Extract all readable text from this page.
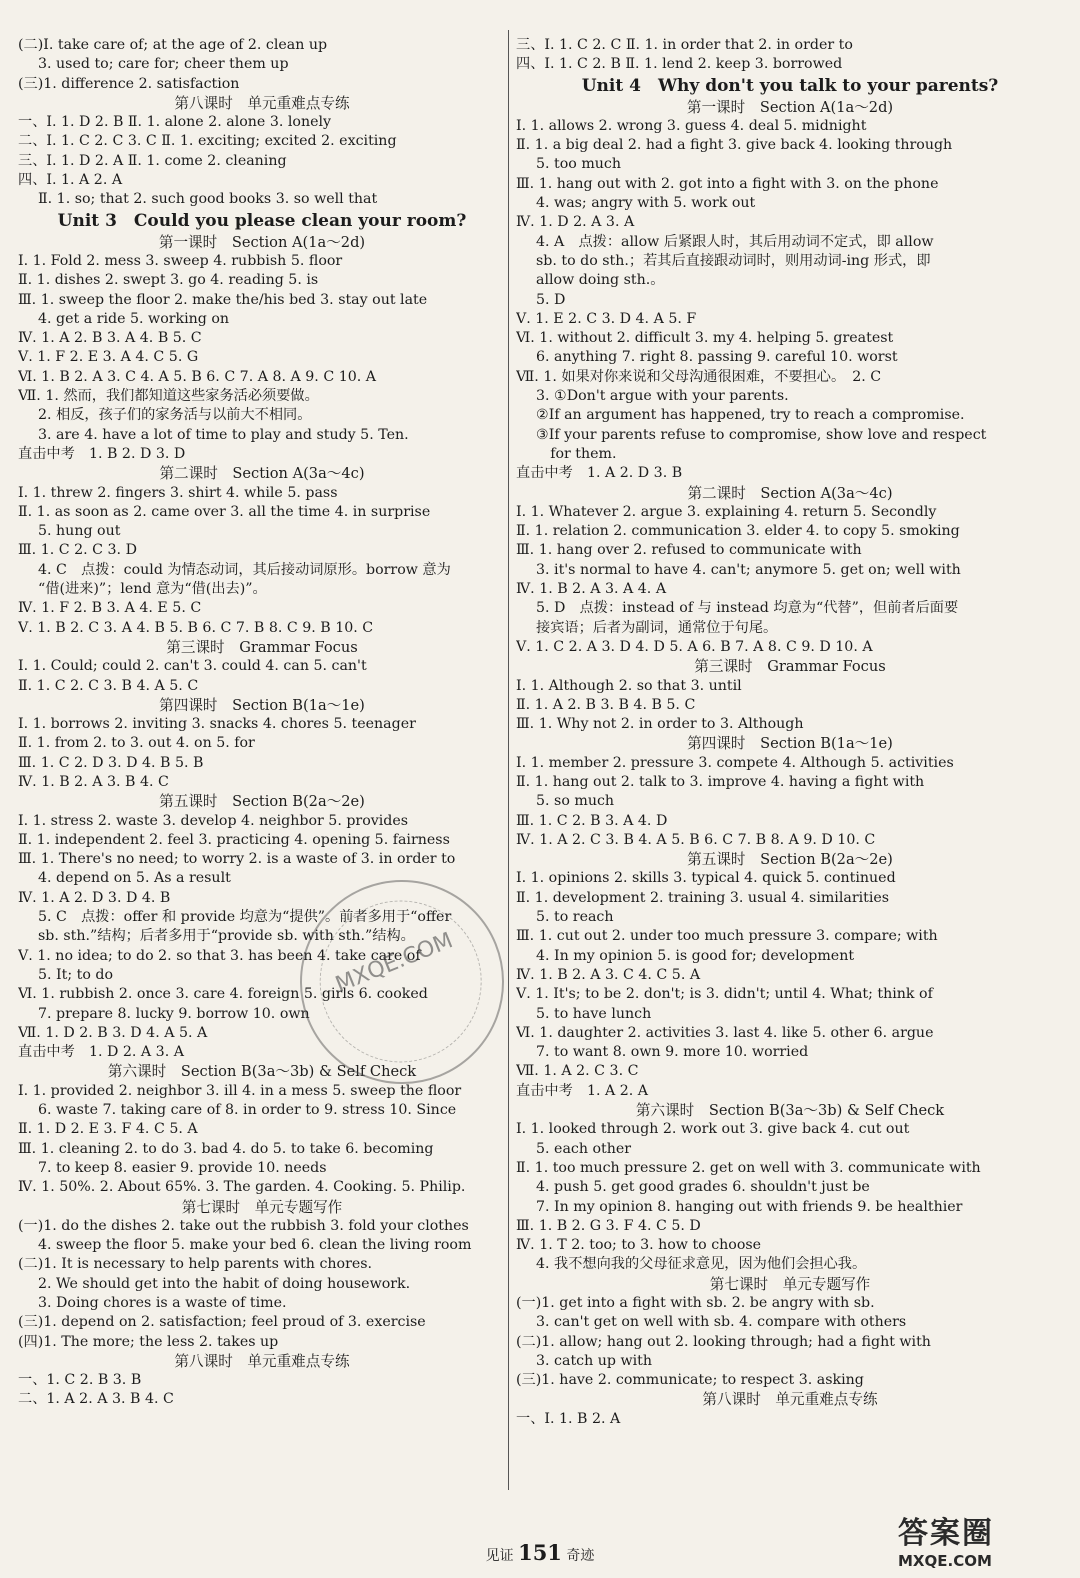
(二)Ⅰ. take care of; at the age of 2. clean up
3. used to; care for; cheer them up
(三)1. difference 2. satisfaction
第八课时　单元重难点专练
一、Ⅰ. 1. D 2. B Ⅱ. 1. alone 2. alone 3. lonely
二、Ⅰ. 1. C 2. C 3. C Ⅱ. 1. exciting; excited 2. exciting
三、Ⅰ. 1. D 2. A Ⅱ. 1. come 2. cleaning
四、Ⅰ. 1. A 2. A
Ⅱ. 1. so; that 2. such good books 3. so well that
Unit 3　Could you please clean your room?
第一课时　Section A(1a～2d)
Ⅰ. 1. Fold 2. mess 3. sweep 4. rubbish 5. floor
Ⅱ. 1. dishes 2. swept 3. go 4. reading 5. is
Ⅲ. 1. sweep the floor 2. make the/his bed 3. stay out late
4. get a ride 5. working on
Ⅳ. 1. A 2. B 3. A 4. B 5. C
Ⅴ. 1. F 2. E 3. A 4. C 5. G
Ⅵ. 1. B 2. A 3. C 4. A 5. B 6. C 7. A 8. A 9. C 10. A
Ⅶ. 1. 然而，我们都知道这些家务活必须要做。
2. 相反，孩子们的家务活与以前大不相同。
3. are 4. have a lot of time to play and study 5. Ten.
直击中考　1. B 2. D 3. D
第二课时　Section A(3a～4c)
Ⅰ. 1. threw 2. fingers 3. shirt 4. while 5. pass
Ⅱ. 1. as soon as 2. came over 3. all the time 4. in surprise
5. hung out
Ⅲ. 1. C 2. C 3. D
4. C　点拨：could 为情态动词，其后接动词原形。borrow 意为
“借(进来)”；lend 意为“借(出去)”。
Ⅳ. 1. F 2. B 3. A 4. E 5. C
Ⅴ. 1. B 2. C 3. A 4. B 5. B 6. C 7. B 8. C 9. B 10. C
第三课时　Grammar Focus
Ⅰ. 1. Could; could 2. can't 3. could 4. can 5. can't
Ⅱ. 1. C 2. C 3. B 4. A 5. C
第四课时　Section B(1a～1e)
Ⅰ. 1. borrows 2. inviting 3. snacks 4. chores 5. teenager
Ⅱ. 1. from 2. to 3. out 4. on 5. for
Ⅲ. 1. C 2. D 3. D 4. B 5. B
Ⅳ. 1. B 2. A 3. B 4. C
第五课时　Section B(2a～2e)
Ⅰ. 1. stress 2. waste 3. develop 4. neighbor 5. provides
Ⅱ. 1. independent 2. feel 3. practicing 4. opening 5. fairness
Ⅲ. 1. There's no need; to worry 2. is a waste of 3. in order to
4. depend on 5. As a result
Ⅳ. 1. A 2. D 3. D 4. B
5. C　点拨：offer 和 provide 均意为“提供”。前者多用于“offer
sb. sth.”结构；后者多用于“provide sb. with sth.”结构。
Ⅴ. 1. no idea; to do 2. so that 3. has been 4. take care of
5. It; to do
Ⅵ. 1. rubbish 2. once 3. care 4. foreign 5. girls 6. cooked
7. prepare 8. lucky 9. borrow 10. own
Ⅶ. 1. D 2. B 3. D 4. A 5. A
直击中考　1. D 2. A 3. A
第六课时　Section B(3a～3b) & Self Check
Ⅰ. 1. provided 2. neighbor 3. ill 4. in a mess 5. sweep the floor
6. waste 7. taking care of 8. in order to 9. stress 10. Since
Ⅱ. 1. D 2. E 3. F 4. C 5. A
Ⅲ. 1. cleaning 2. to do 3. bad 4. do 5. to take 6. becoming
7. to keep 8. easier 9. provide 10. needs
Ⅳ. 1. 50%. 2. About 65%. 3. The garden. 4. Cooking. 5. Philip.
第七课时　单元专题写作
(一)1. do the dishes 2. take out the rubbish 3. fold your clothes
4. sweep the floor 5. make your bed 6. clean the living room
(二)1. It is necessary to help parents with chores.
2. We should get into the habit of doing housework.
3. Doing chores is a waste of time.
(三)1. depend on 2. satisfaction; feel proud of 3. exercise
(四)1. The more; the less 2. takes up
第八课时　单元重难点专练
一、1. C 2. B 3. B
二、1. A 2. A 3. B 4. C
三、Ⅰ. 1. C 2. C Ⅱ. 1. in order that 2. in order to
四、Ⅰ. 1. C 2. B Ⅱ. 1. lend 2. keep 3. borrowed
Unit 4　Why don't you talk to your parents?
第一课时　Section A(1a～2d)
Ⅰ. 1. allows 2. wrong 3. guess 4. deal 5. midnight
Ⅱ. 1. a big deal 2. had a fight 3. give back 4. looking through
5. too much
Ⅲ. 1. hang out with 2. got into a fight with 3. on the phone
4. was; angry with 5. work out
Ⅳ. 1. D 2. A 3. A
4. A　点拨：allow 后紧跟人时，其后用动词不定式，即 allow
sb. to do sth.；若其后直接跟动词时，则用动词-ing 形式，即
allow doing sth.。
5. D
Ⅴ. 1. E 2. C 3. D 4. A 5. F
Ⅵ. 1. without 2. difficult 3. my 4. helping 5. greatest
6. anything 7. right 8. passing 9. careful 10. worst
Ⅶ. 1. 如果对你来说和父母沟通很困难，不要担心。　2. C
3. ①Don't argue with your parents.
②If an argument has happened, try to reach a compromise.
③If your parents refuse to compromise, show love and respect
　for them.
直击中考　1. A 2. D 3. B
第二课时　Section A(3a～4c)
Ⅰ. 1. Whatever 2. argue 3. explaining 4. return 5. Secondly
Ⅱ. 1. relation 2. communication 3. elder 4. to copy 5. smoking
Ⅲ. 1. hang over 2. refused to communicate with
3. it's normal to have 4. can't; anymore 5. get on; well with
Ⅳ. 1. B 2. A 3. A 4. A
5. D　点拨：instead of 与 instead 均意为“代替”，但前者后面要
接宾语；后者为副词，通常位于句尾。
Ⅴ. 1. C 2. A 3. D 4. D 5. A 6. B 7. A 8. C 9. D 10. A
第三课时　Grammar Focus
Ⅰ. 1. Although 2. so that 3. until
Ⅱ. 1. A 2. B 3. B 4. B 5. C
Ⅲ. 1. Why not 2. in order to 3. Although
第四课时　Section B(1a～1e)
Ⅰ. 1. member 2. pressure 3. compete 4. Although 5. activities
Ⅱ. 1. hang out 2. talk to 3. improve 4. having a fight with
5. so much
Ⅲ. 1. C 2. B 3. A 4. D
Ⅳ. 1. A 2. C 3. B 4. A 5. B 6. C 7. B 8. A 9. D 10. C
第五课时　Section B(2a～2e)
Ⅰ. 1. opinions 2. skills 3. typical 4. quick 5. continued
Ⅱ. 1. development 2. training 3. usual 4. similarities
5. to reach
Ⅲ. 1. cut out 2. under too much pressure 3. compare; with
4. In my opinion 5. is good for; development
Ⅳ. 1. B 2. A 3. C 4. C 5. A
Ⅴ. 1. It's; to be 2. don't; is 3. didn't; until 4. What; think of
5. to have lunch
Ⅵ. 1. daughter 2. activities 3. last 4. like 5. other 6. argue
7. to want 8. own 9. more 10. worried
Ⅶ. 1. A 2. C 3. C
直击中考　1. A 2. A
第六课时　Section B(3a～3b) & Self Check
Ⅰ. 1. looked through 2. work out 3. give back 4. cut out
5. each other
Ⅱ. 1. too much pressure 2. get on well with 3. communicate with
4. push 5. get good grades 6. shouldn't just be
7. In my opinion 8. hanging out with friends 9. be healthier
Ⅲ. 1. B 2. G 3. F 4. C 5. D
Ⅳ. 1. T 2. too; to 3. how to choose
4. 我不想向我的父母征求意见，因为他们会担心我。
第七课时　单元专题写作
(一)1. get into a fight with sb. 2. be angry with sb.
3. can't get on well with sb. 4. compare with others
(二)1. allow; hang out 2. looking through; had a fight with
3. catch up with
(三)1. have 2. communicate; to respect 3. asking
第八课时　单元重难点专练
一、Ⅰ. 1. B 2. A
MXQE.COM
见证 151 奇迹
答案圈
MXQE.COM
